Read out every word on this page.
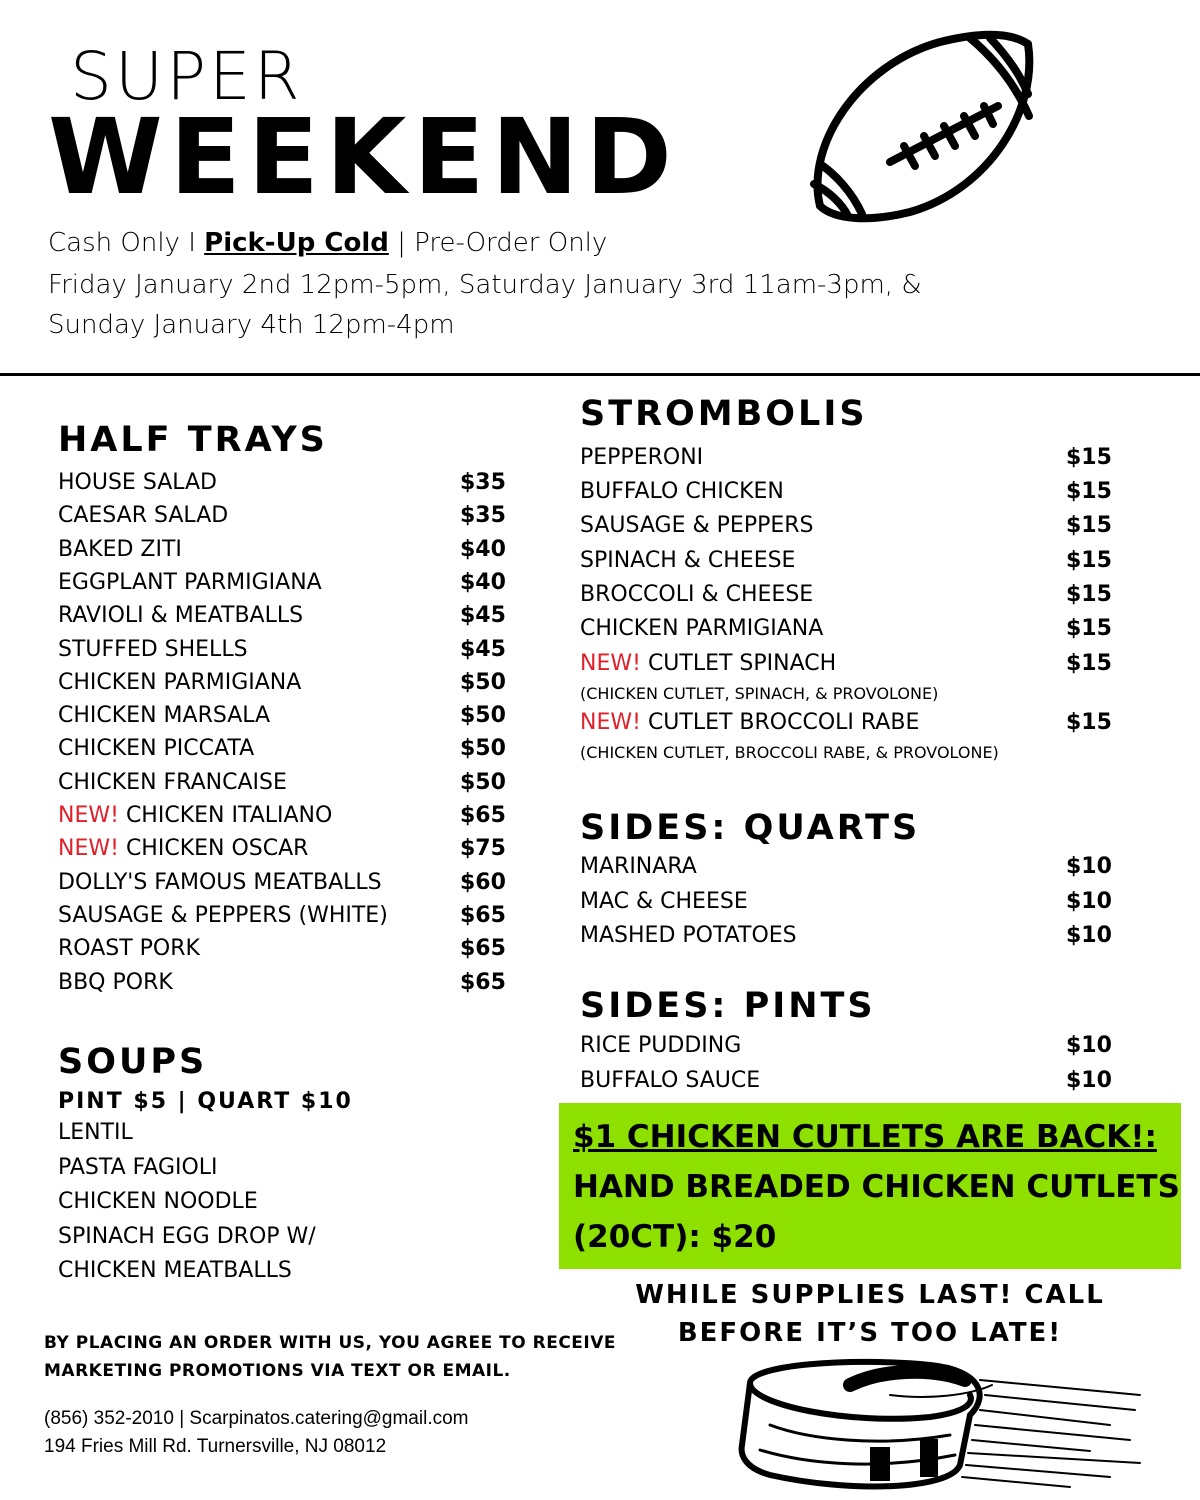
SUPER
WEEKEND
Cash Only I Pick-Up Cold | Pre-Order Only
Friday January 2nd 12pm-5pm, Saturday January 3rd 11am-3pm, &
Sunday January 4th 12pm-4pm
HALF TRAYS
HOUSE SALAD	$35
CAESAR SALAD	$35
BAKED ZITI	$40
EGGPLANT PARMIGIANA	$40
RAVIOLI & MEATBALLS	$45
STUFFED SHELLS	$45
CHICKEN PARMIGIANA	$50
CHICKEN MARSALA	$50
CHICKEN PICCATA	$50
CHICKEN FRANCAISE	$50
NEW! CHICKEN ITALIANO	$65
NEW! CHICKEN OSCAR	$75
DOLLY'S FAMOUS MEATBALLS	$60
SAUSAGE & PEPPERS (WHITE)	$65
ROAST PORK	$65
BBQ PORK	$65
SOUPS
PINT $5 | QUART $10
LENTIL
PASTA FAGIOLI
CHICKEN NOODLE
SPINACH EGG DROP W/
CHICKEN MEATBALLS
STROMBOLIS
PEPPERONI	$15
BUFFALO CHICKEN	$15
SAUSAGE & PEPPERS	$15
SPINACH & CHEESE	$15
BROCCOLI & CHEESE	$15
CHICKEN PARMIGIANA	$15
NEW! CUTLET SPINACH	$15
NEW! CUTLET BROCCOLI RABE	$15
(CHICKEN CUTLET, SPINACH, & PROVOLONE)
(CHICKEN CUTLET, BROCCOLI RABE, & PROVOLONE)
SIDES: QUARTS
MARINARA	$10
MAC & CHEESE	$10
MASHED POTATOES	$10
SIDES: PINTS
RICE PUDDING	$10
BUFFALO SAUCE	$10
$1 CHICKEN CUTLETS ARE BACK!:
HAND BREADED CHICKEN CUTLETS
(20CT): $20
WHILE SUPPLIES LAST! CALL
BEFORE IT’S TOO LATE!
BY PLACING AN ORDER WITH US, YOU AGREE TO RECEIVE
MARKETING PROMOTIONS VIA TEXT OR EMAIL.
(856) 352-2010 | Scarpinatos.catering@gmail.com
194 Fries Mill Rd. Turnersville, NJ 08012
